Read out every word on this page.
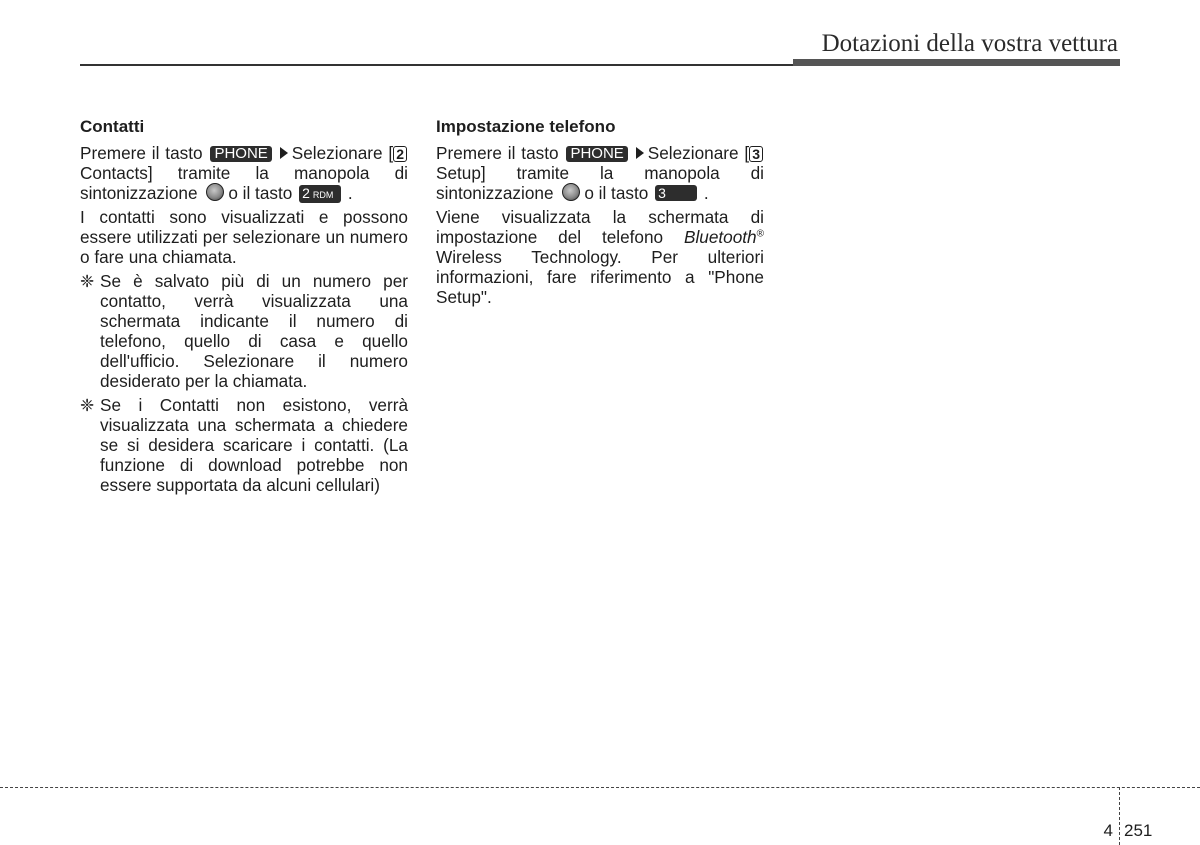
Dotazioni della vostra vettura
Contatti

Premere il tasto PHONE Selezionare [ 2Contacts] tramite la manopola di sintonizzazione o il tasto 2 RDM .

I contatti sono visualizzati e possono essere utilizzati per selezionare un numero o fare una chiamata.

❈ Se è salvato più di un numero per contatto, verrà visualizzata una schermata indicante il numero di telefono, quello di casa e quello dell'ufficio. Selezionare il numero desiderato per la chiamata.
❈ Se i Contatti non esistono, verrà visualizzata una schermata a chiedere se si desidera scaricare i contatti. (La funzione di download potrebbe non essere supportata da alcuni cellulari)
Impostazione telefono

Premere il tasto PHONE Selezionare [ 3 Setup] tramite la manopola di sintonizzazione o il tasto 3 .

Viene visualizzata la schermata di impostazione del telefono Bluetooth® Wireless Technology. Per ulteriori informazioni, fare riferimento a "Phone Setup".

4 251
